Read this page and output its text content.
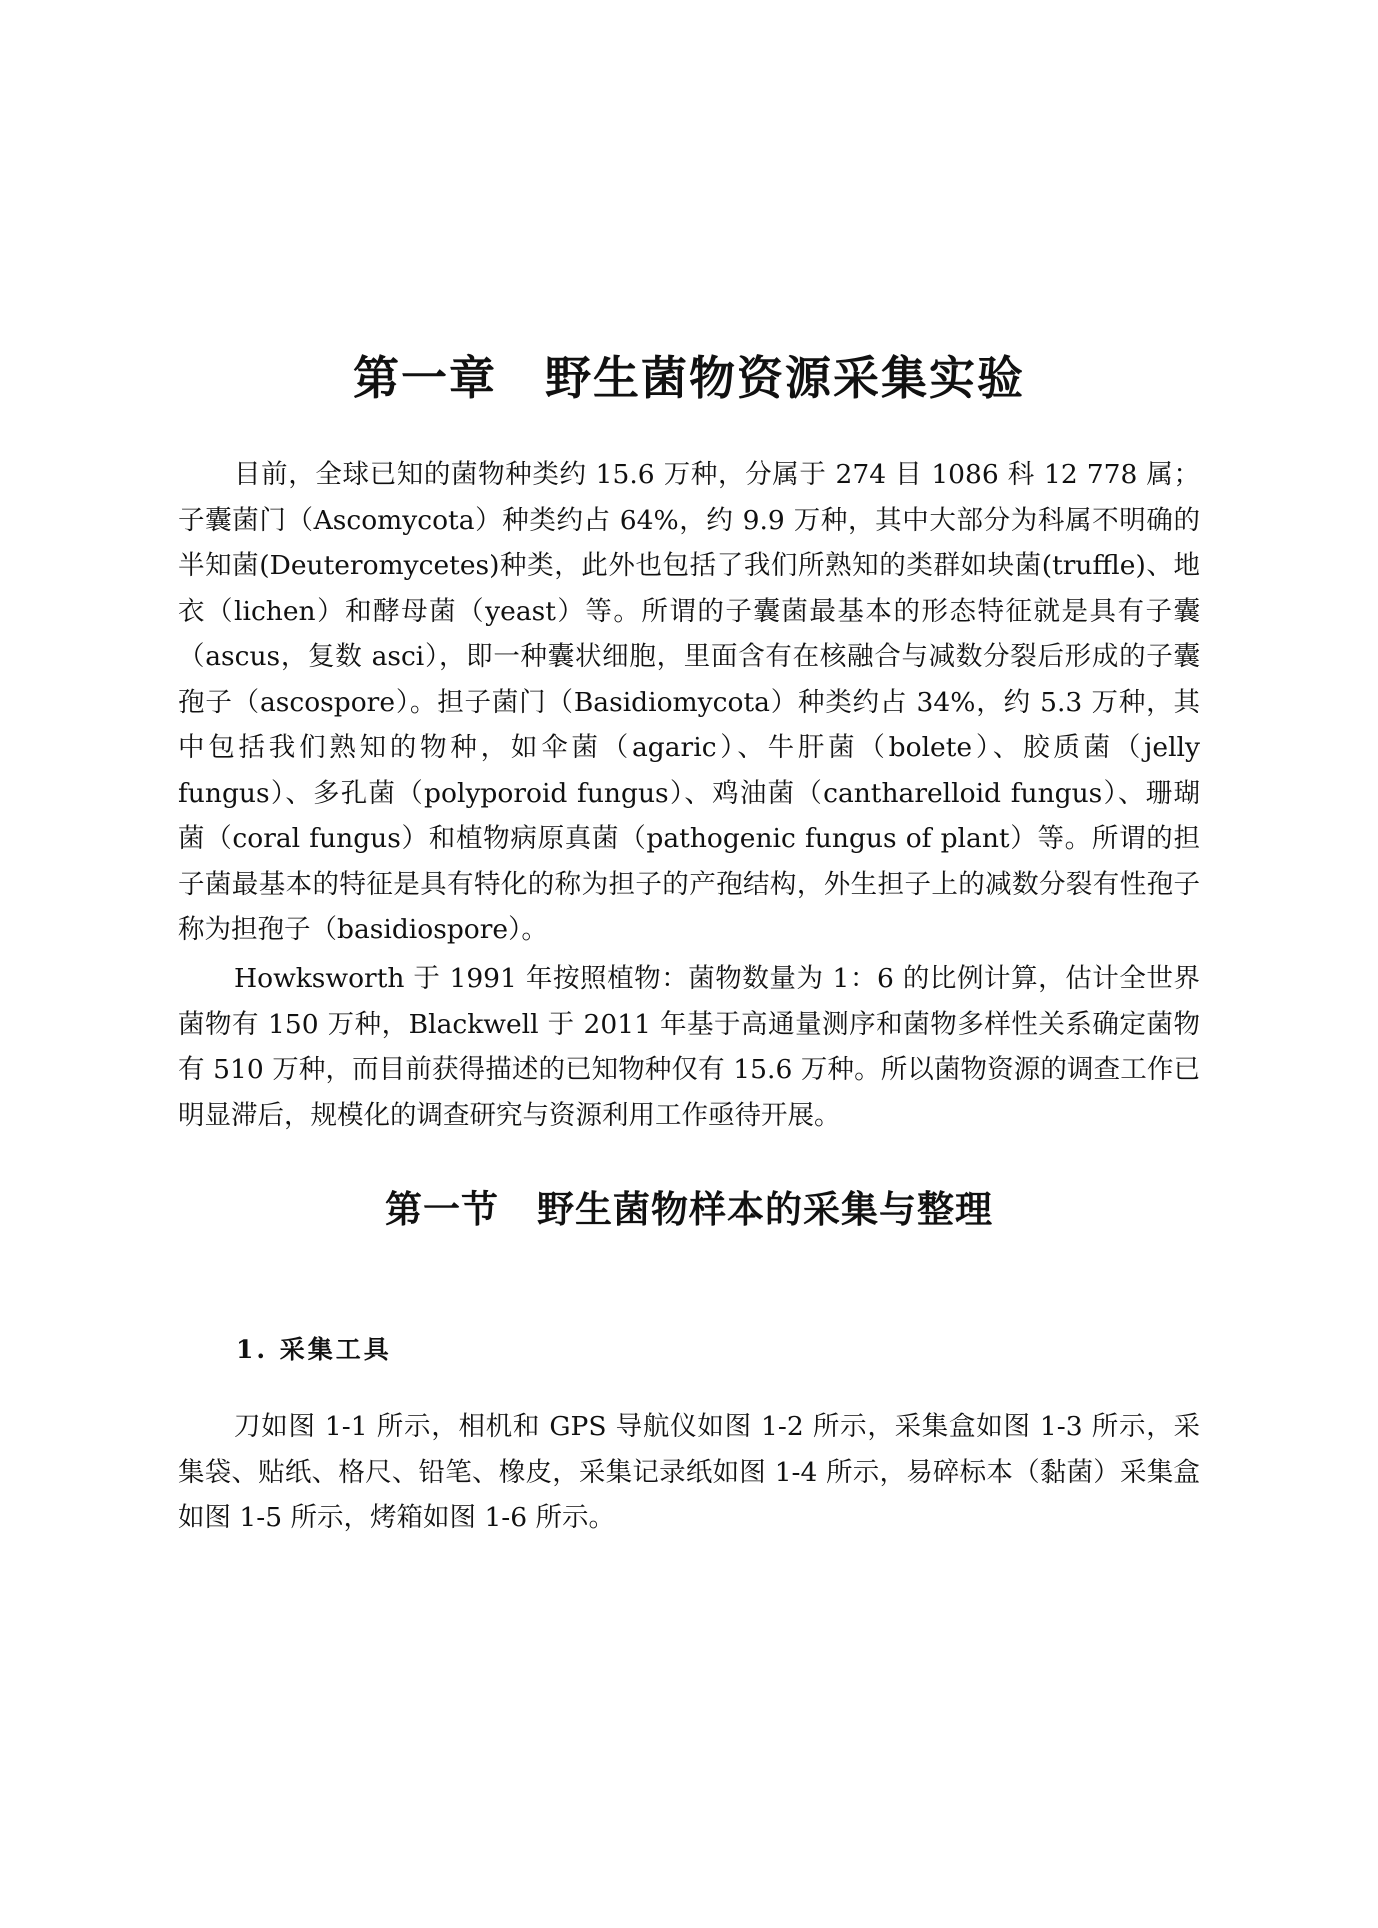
第一章　野生菌物资源采集实验

目前，全球已知的菌物种类约 15.6 万种，分属于 274 目 1086 科 12 778 属；子囊菌门（Ascomycota）种类约占 64%，约 9.9 万种，其中大部分为科属不明确的半知菌(Deuteromycetes)种类，此外也包括了我们所熟知的类群如块菌(truffle)、地衣（lichen）和酵母菌（yeast）等。所谓的子囊菌最基本的形态特征就是具有子囊（ascus，复数 asci），即一种囊状细胞，里面含有在核融合与减数分裂后形成的子囊孢子（ascospore）。担子菌门（Basidiomycota）种类约占 34%，约 5.3 万种，其中包括我们熟知的物种，如伞菌（agaric）、牛肝菌（bolete）、胶质菌（jelly fungus）、多孔菌（polyporoid fungus）、鸡油菌（cantharelloid fungus）、珊瑚菌（coral fungus）和植物病原真菌（pathogenic fungus of plant）等。所谓的担子菌最基本的特征是具有特化的称为担子的产孢结构，外生担子上的减数分裂有性孢子称为担孢子（basidiospore）。

Howksworth 于 1991 年按照植物：菌物数量为 1：6 的比例计算，估计全世界菌物有 150 万种，Blackwell 于 2011 年基于高通量测序和菌物多样性关系确定菌物有 510 万种，而目前获得描述的已知物种仅有 15.6 万种。所以菌物资源的调查工作已明显滞后，规模化的调查研究与资源利用工作亟待开展。

第一节　野生菌物样本的采集与整理
1. 采集工具

刀如图 1-1 所示，相机和 GPS 导航仪如图 1-2 所示，采集盒如图 1-3 所示，采集袋、贴纸、格尺、铅笔、橡皮，采集记录纸如图 1-4 所示，易碎标本（黏菌）采集盒如图 1-5 所示，烤箱如图 1-6 所示。
